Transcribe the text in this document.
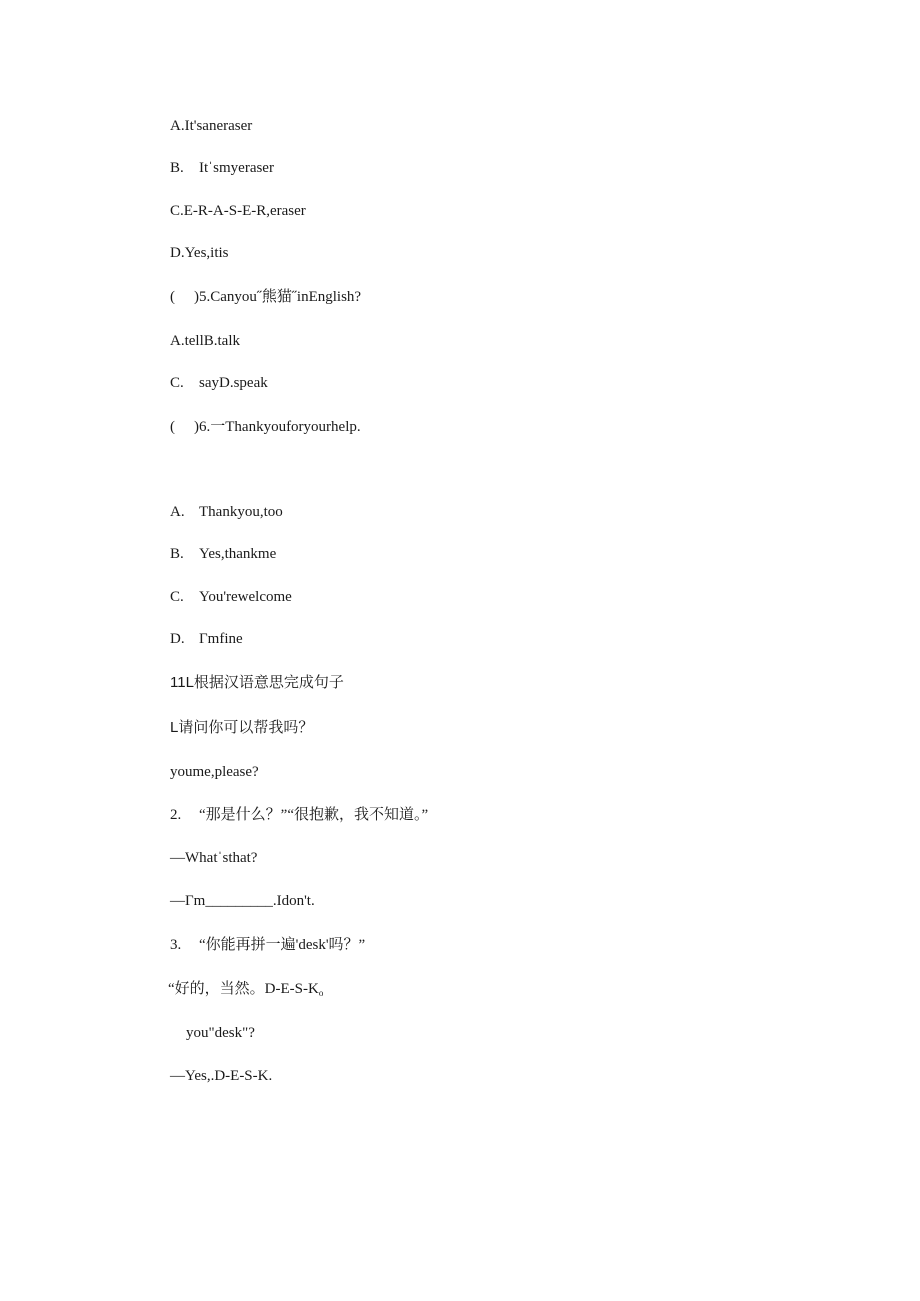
A.It'saneraser
B. Itˈsmyeraser
C.E-R-A-S-E-R,eraser
D.Yes,itis
( )5.Canyou˝熊猫˝inEnglish?
A.tellB.talk
C. sayD.speak
( )6.一Thankyouforyourhelp.
A. Thankyou,too
B. Yes,thankme
C. You'rewelcome
D. Γmfine
11L根据汉语意思完成句子
L请问你可以帮我吗？
youme,please?
2. “那是什么？”“很抱歉，我不知道。”
—Whatˈsthat?
—Γm_________.Idon't.
3. “你能再拼一遍'desk'吗？”
“好的，当然。$D-E-S-K_o$
you"desk"?
—Yes,.D-E-S-K.
